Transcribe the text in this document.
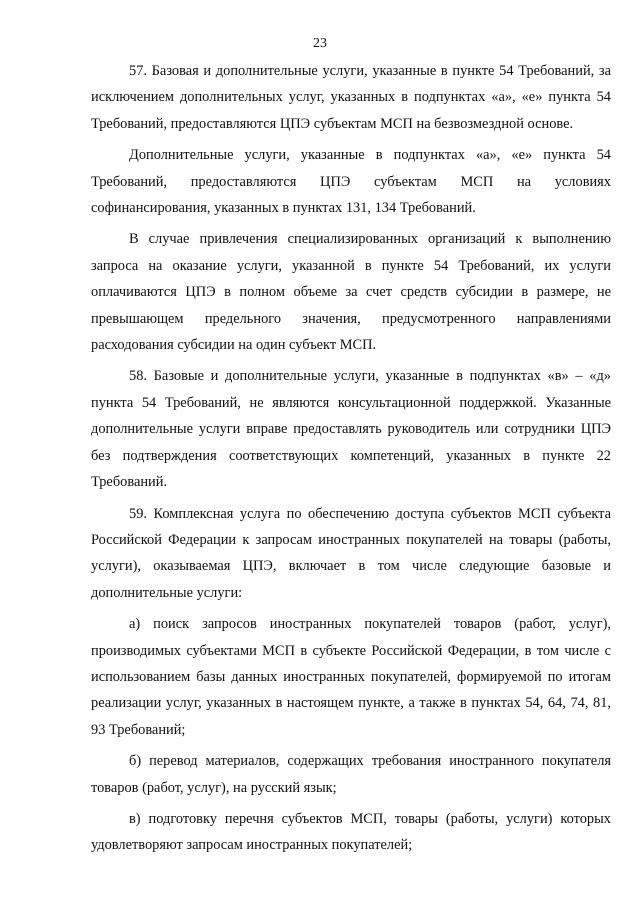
23

57. Базовая и дополнительные услуги, указанные в пункте 54 Требований, за исключением дополнительных услуг, указанных в подпунктах «а», «е» пункта 54 Требований, предоставляются ЦПЭ субъектам МСП на безвозмездной основе.

Дополнительные услуги, указанные в подпунктах «а», «е» пункта 54 Требований, предоставляются ЦПЭ субъектам МСП на условиях софинансирования, указанных в пунктах 131, 134 Требований.

В случае привлечения специализированных организаций к выполнению запроса на оказание услуги, указанной в пункте 54 Требований, их услуги оплачиваются ЦПЭ в полном объеме за счет средств субсидии в размере, не превышающем предельного значения, предусмотренного направлениями расходования субсидии на один субъект МСП.

58. Базовые и дополнительные услуги, указанные в подпунктах «в» – «д» пункта 54 Требований, не являются консультационной поддержкой. Указанные дополнительные услуги вправе предоставлять руководитель или сотрудники ЦПЭ без подтверждения соответствующих компетенций, указанных в пункте 22 Требований.

59. Комплексная услуга по обеспечению доступа субъектов МСП субъекта Российской Федерации к запросам иностранных покупателей на товары (работы, услуги), оказываемая ЦПЭ, включает в том числе следующие базовые и дополнительные услуги:

а) поиск запросов иностранных покупателей товаров (работ, услуг), производимых субъектами МСП в субъекте Российской Федерации, в том числе с использованием базы данных иностранных покупателей, формируемой по итогам реализации услуг, указанных в настоящем пункте, а также в пунктах 54, 64, 74, 81, 93 Требований;

б) перевод материалов, содержащих требования иностранного покупателя товаров (работ, услуг), на русский язык;

в) подготовку перечня субъектов МСП, товары (работы, услуги) которых удовлетворяют запросам иностранных покупателей;
